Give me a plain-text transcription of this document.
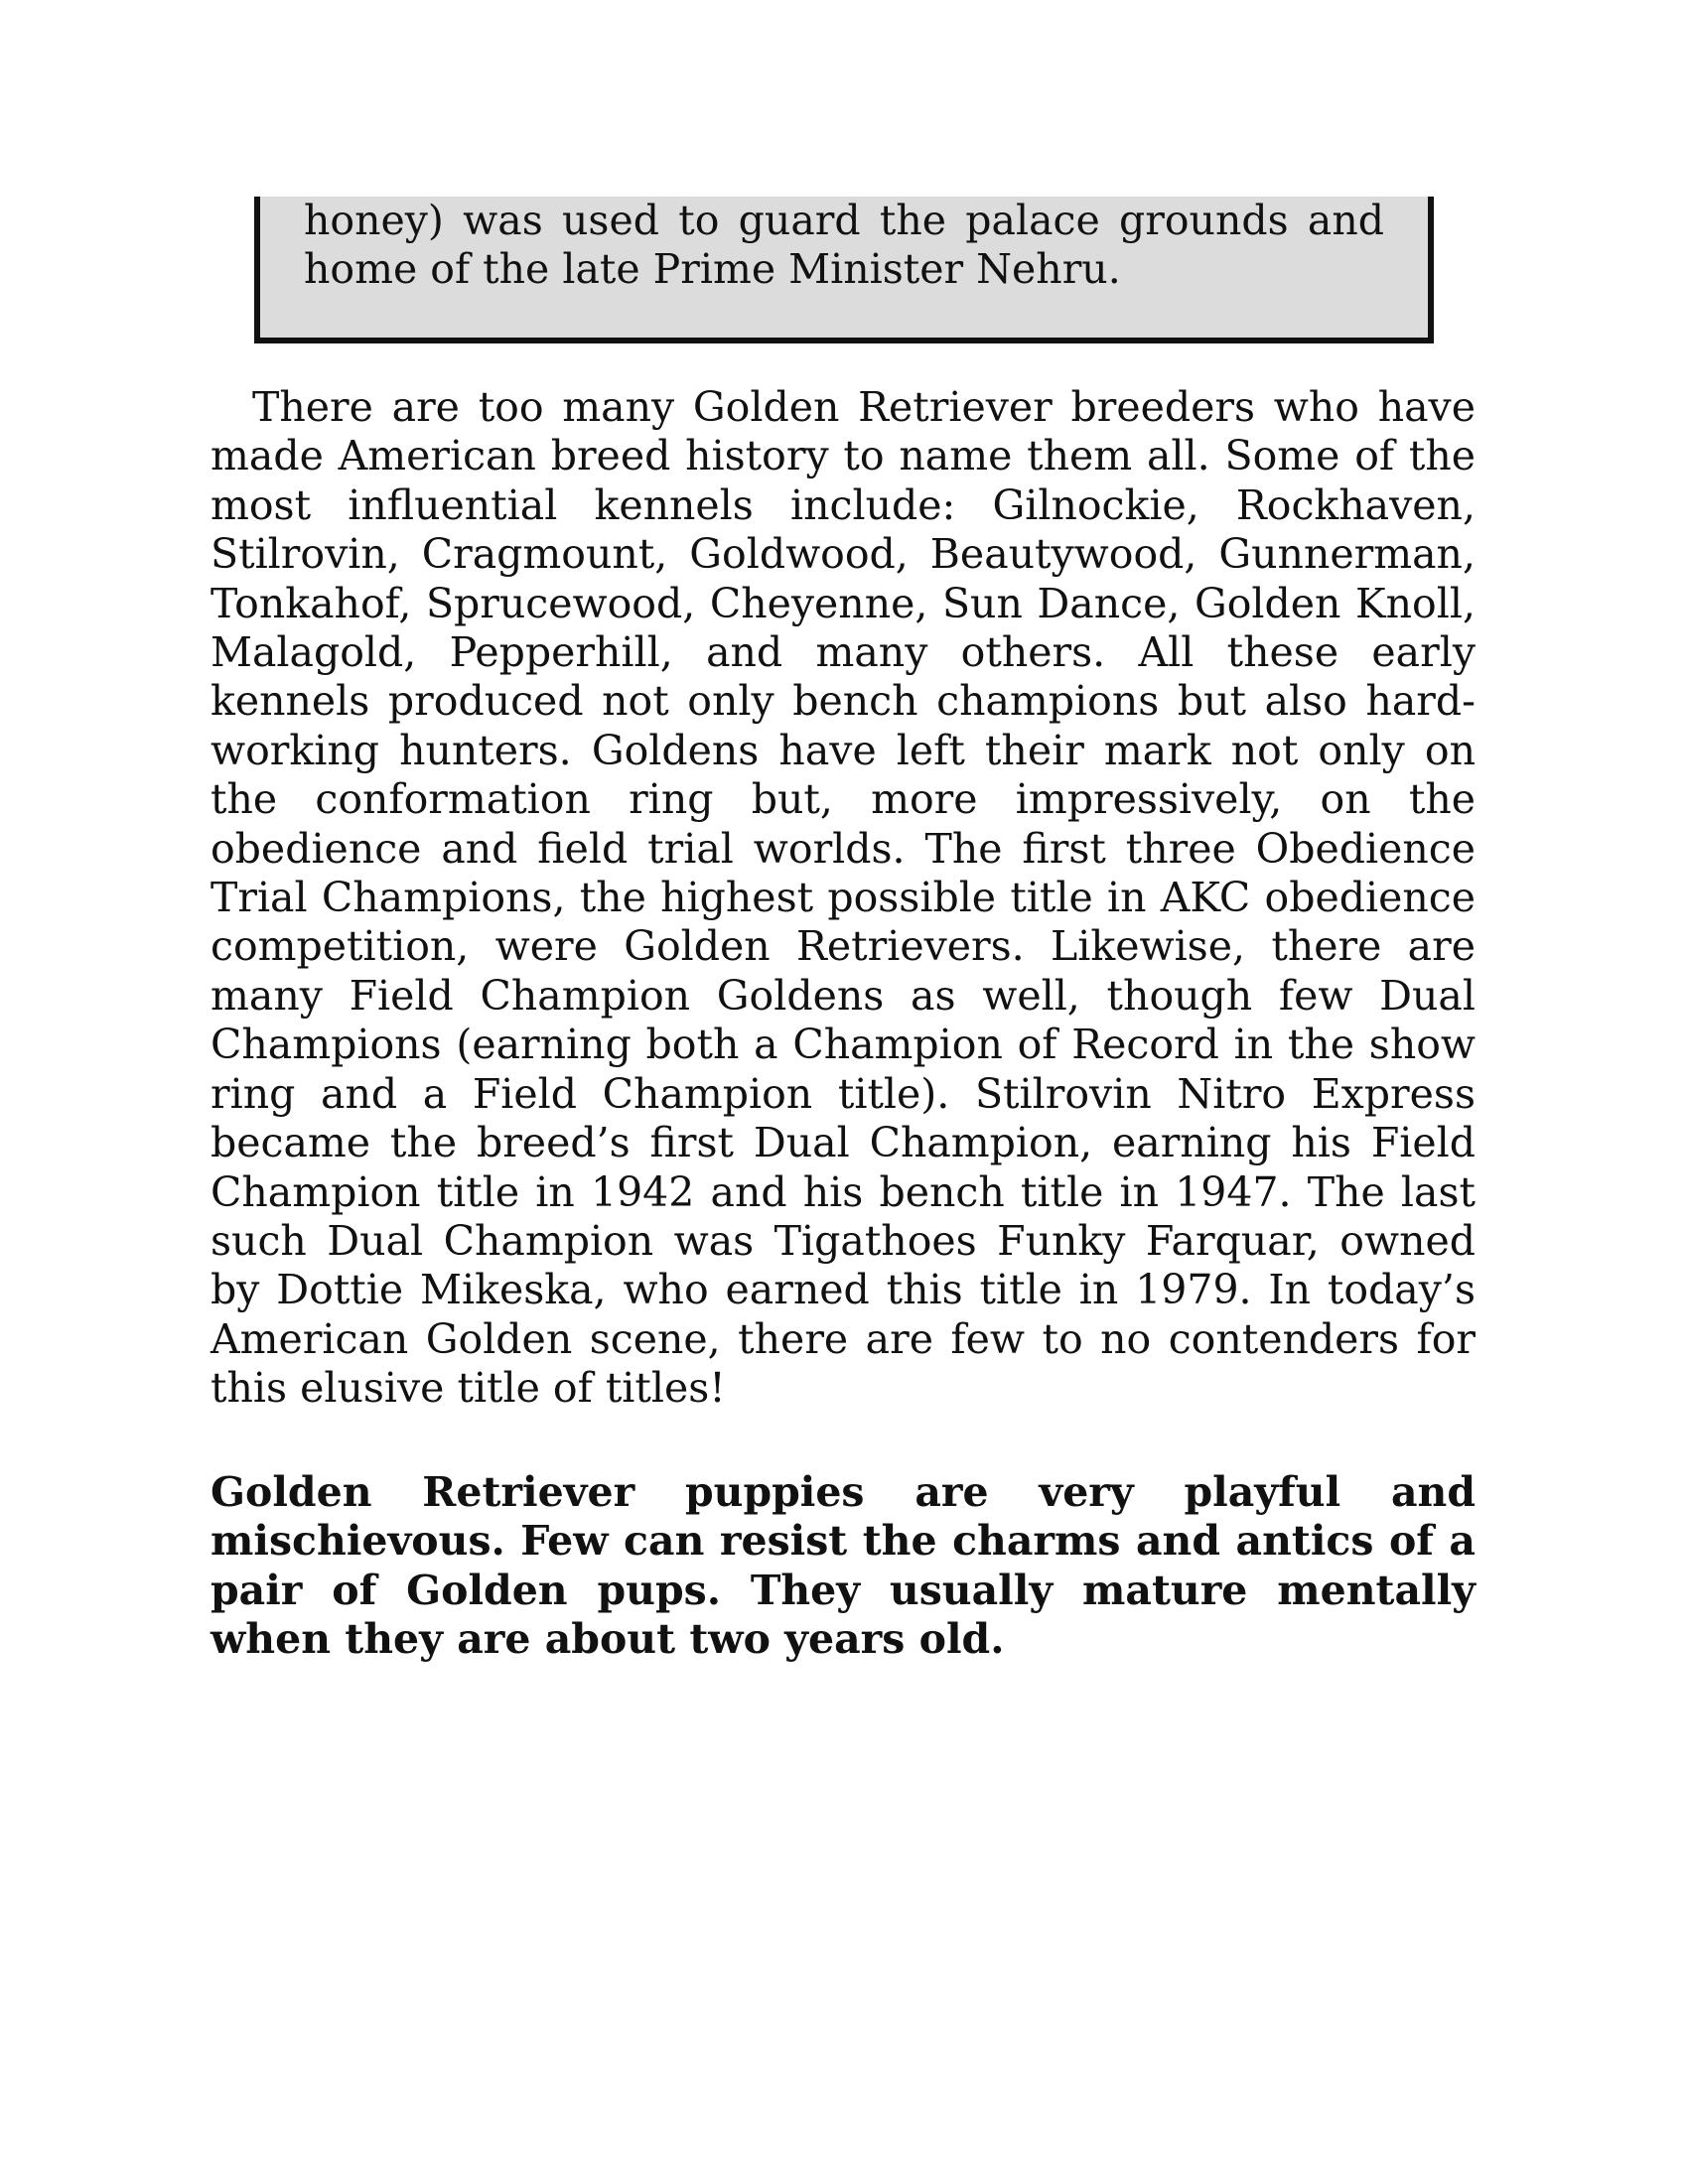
honey) was used to guard the palace grounds and home of the late Prime Minister Nehru.

There are too many Golden Retriever breeders who have made American breed history to name them all. Some of the most influential kennels include: Gilnockie, Rockhaven, Stilrovin, Cragmount, Goldwood, Beautywood, Gunnerman, Tonkahof, Sprucewood, Cheyenne, Sun Dance, Golden Knoll, Malagold, Pepperhill, and many others. All these early kennels produced not only bench champions but also hard-working hunters. Goldens have left their mark not only on the conformation ring but, more impressively, on the obedience and field trial worlds. The first three Obedience Trial Champions, the highest possible title in AKC obedience competition, were Golden Retrievers. Likewise, there are many Field Champion Goldens as well, though few Dual Champions (earning both a Champion of Record in the show ring and a Field Champion title). Stilrovin Nitro Express became the breed’s first Dual Champion, earning his Field Champion title in 1942 and his bench title in 1947. The last such Dual Champion was Tigathoes Funky Farquar, owned by Dottie Mikeska, who earned this title in 1979. In today’s American Golden scene, there are few to no contenders for this elusive title of titles!

Golden Retriever puppies are very playful and mischievous. Few can resist the charms and antics of a pair of Golden pups. They usually mature mentally when they are about two years old.
